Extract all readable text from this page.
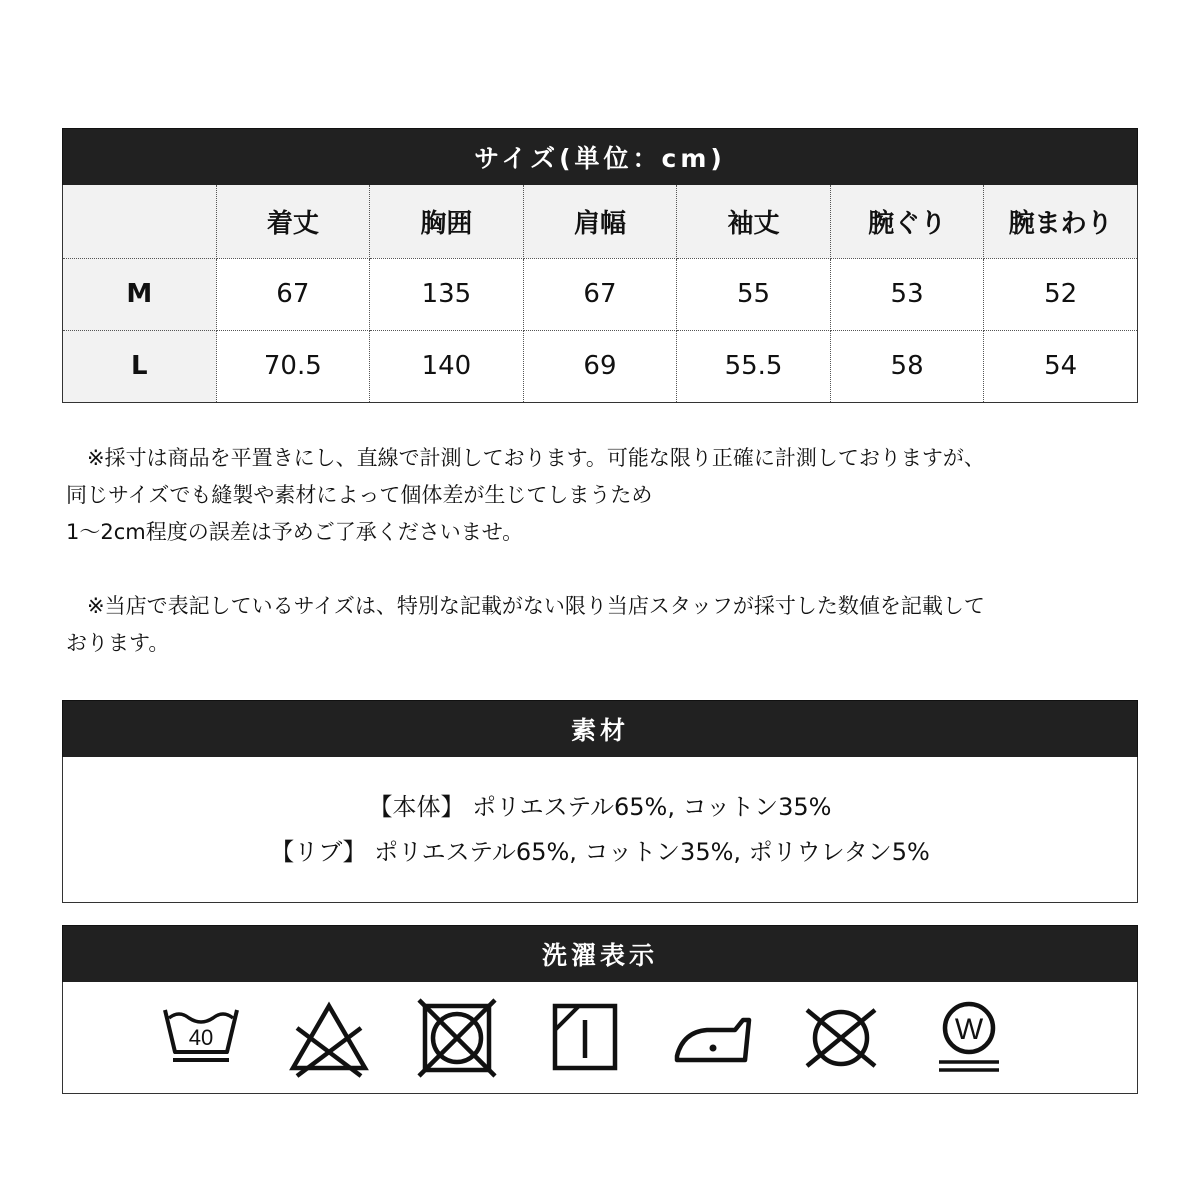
サイズ(単位：cm)
	着丈	胸囲	肩幅	袖丈	腕ぐり	腕まわり
M	67	135	67	55	53	52
L	70.5	140	69	55.5	58	54
　※採寸は商品を平置きにし、直線で計測しております。可能な限り正確に計測しておりますが、
同じサイズでも縫製や素材によって個体差が生じてしまうため
1～2cm程度の誤差は予めご了承くださいませ。
　※当店で表記しているサイズは、特別な記載がない限り当店スタッフが採寸した数値を記載して
おります。
素材
【本体】 ポリエステル65%, コットン35%
【リブ】 ポリエステル65%, コットン35%, ポリウレタン5%
洗濯表示
40	W
